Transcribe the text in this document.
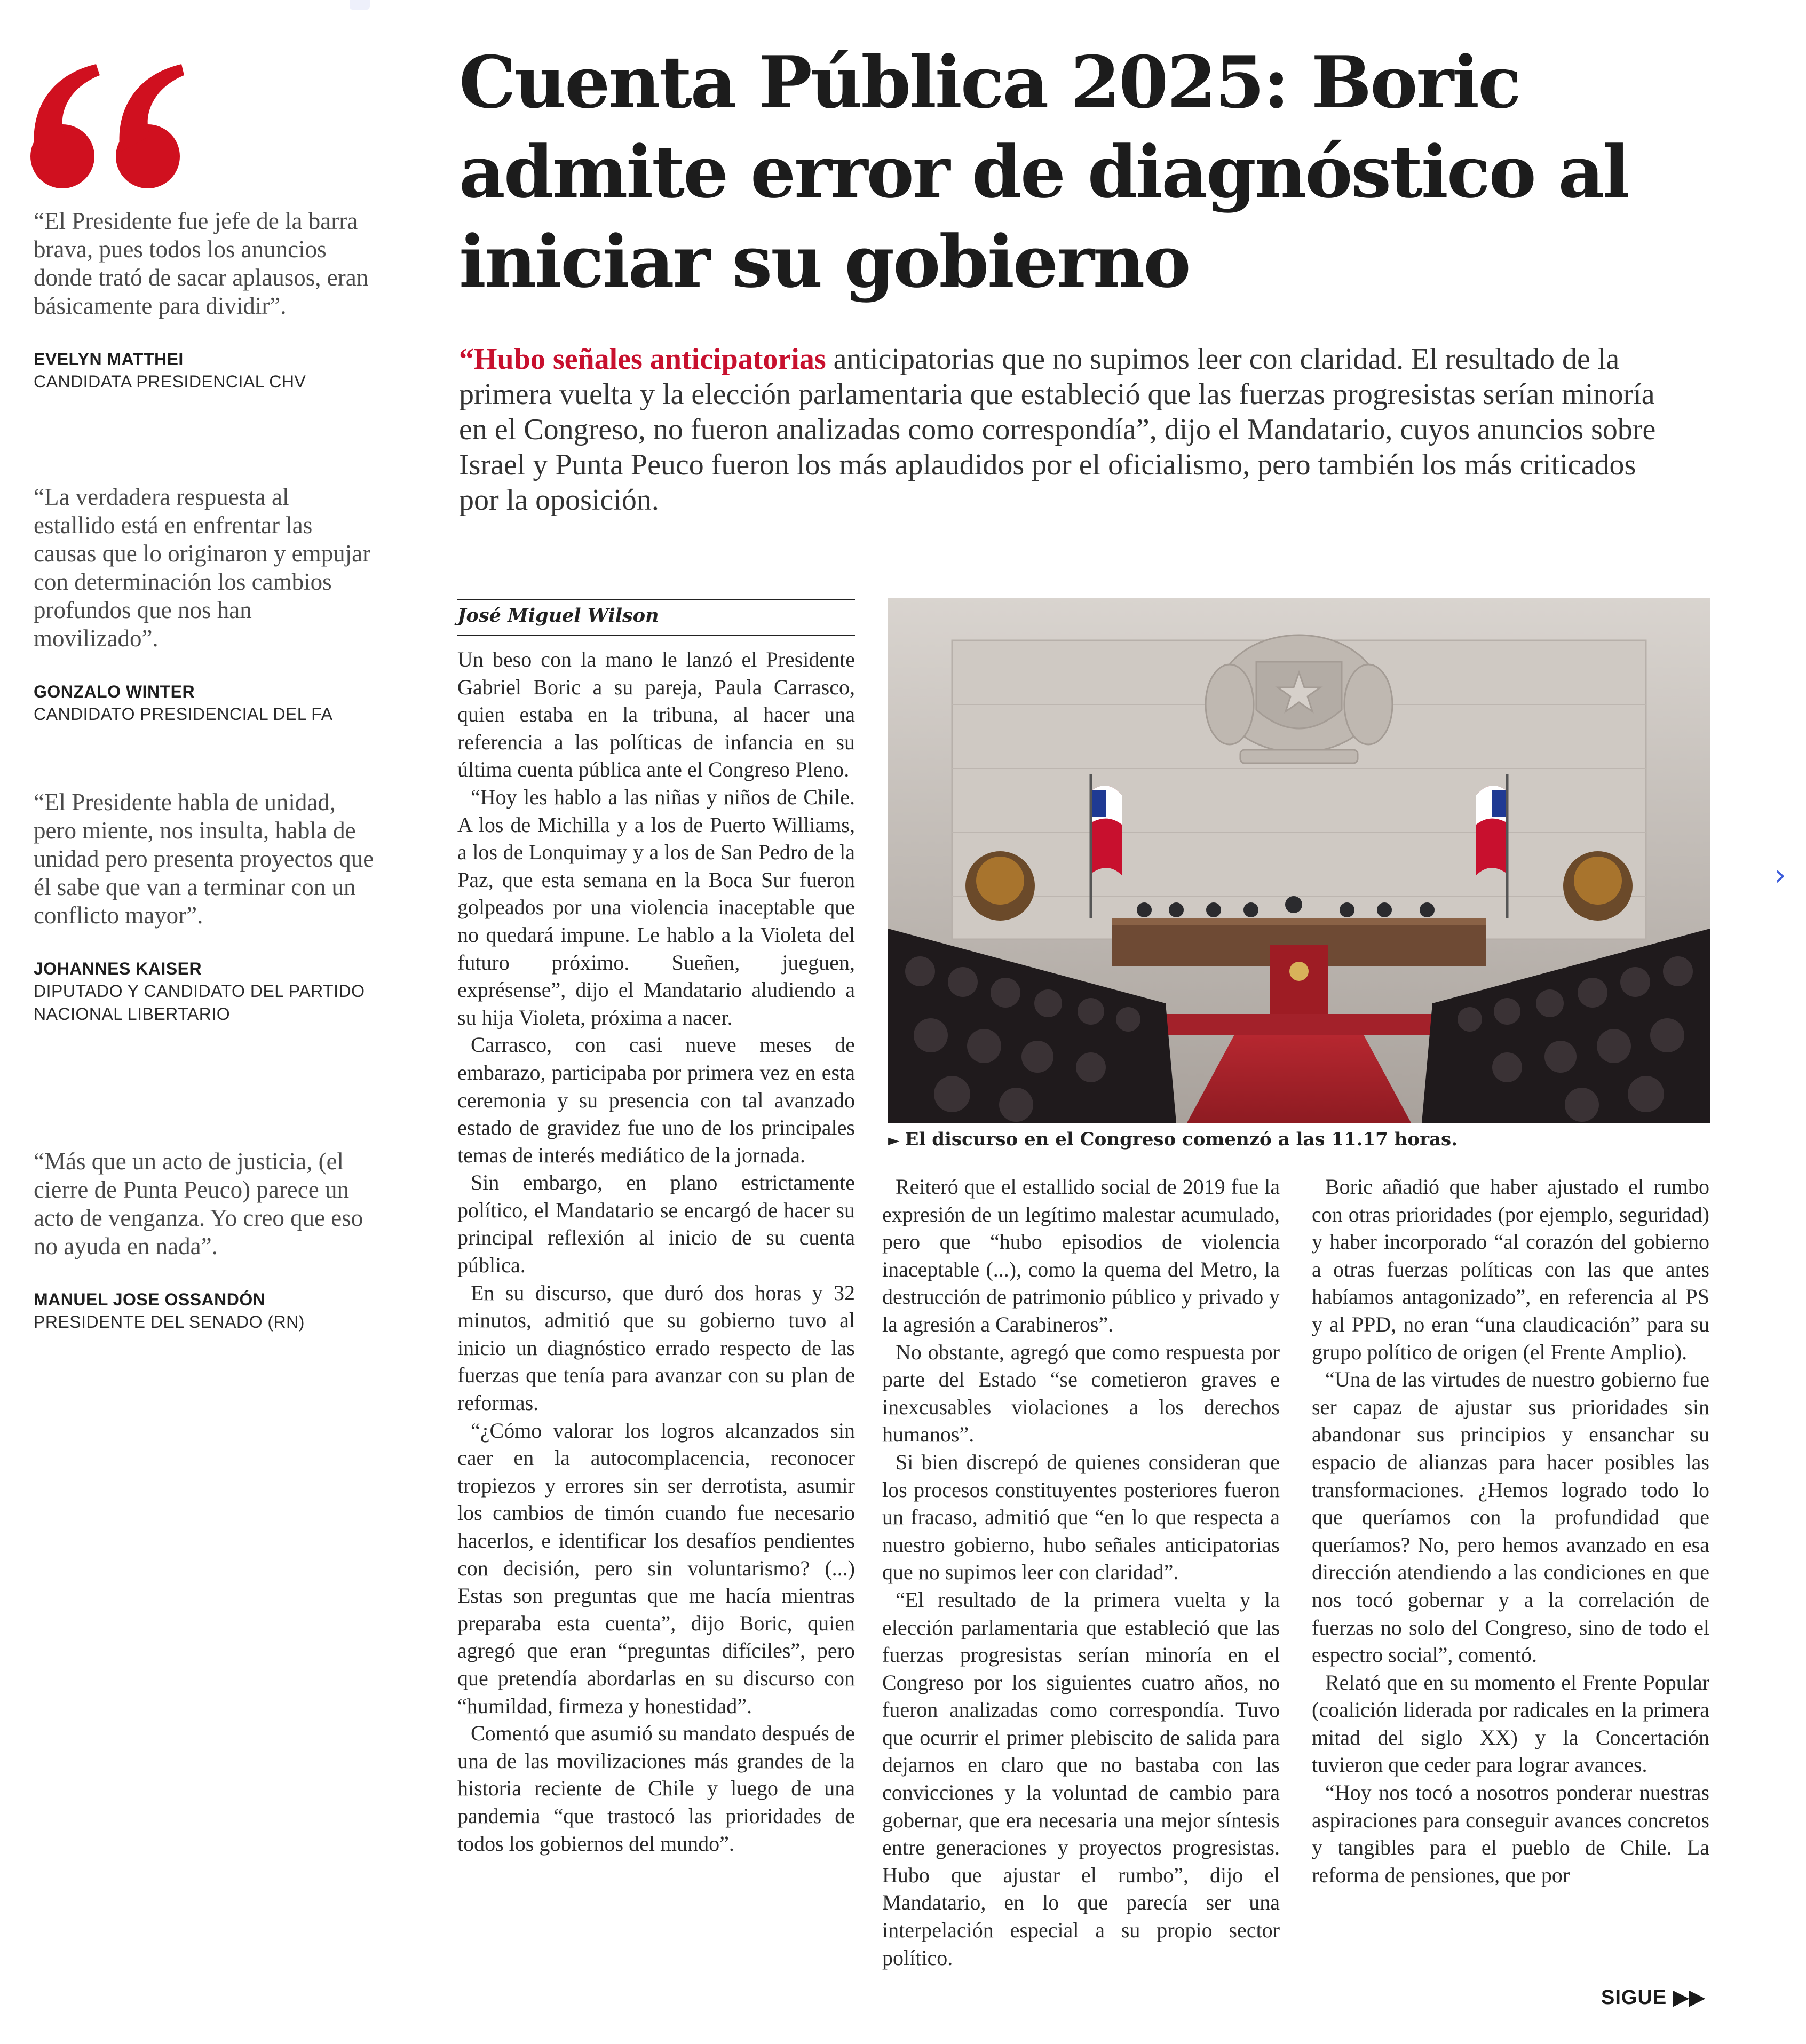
“El Presidente fue jefe de la barra brava, pues todos los anuncios donde trató de sacar aplausos, eran básicamente para dividir”.

EVELYN MATTHEI
CANDIDATA PRESIDENCIAL CHV

“La verdadera respuesta al estallido está en enfrentar las causas que lo originaron y empujar con determinación los cambios profundos que nos han movilizado”.

GONZALO WINTER
CANDIDATO PRESIDENCIAL DEL FA

“El Presidente habla de unidad, pero miente, nos insulta, habla de unidad pero presenta proyectos que él sabe que van a terminar con un conflicto mayor”.

JOHANNES KAISER
DIPUTADO Y CANDIDATO DEL PARTIDO NACIONAL LIBERTARIO

“Más que un acto de justicia, (el cierre de Punta Peuco) parece un acto de venganza. Yo creo que eso no ayuda en nada”.

MANUEL JOSE OSSANDÓN
PRESIDENTE DEL SENADO (RN)
Cuenta Pública 2025: Boric admite error de diagnóstico al iniciar su gobierno

“Hubo señales anticipatorias anticipatorias que no supimos leer con claridad. El resultado de la primera vuelta y la elección parlamentaria que estableció que las fuerzas progresistas serían minoría en el Congreso, no fueron analizadas como correspondía”, dijo el Mandatario, cuyos anuncios sobre Israel y Punta Peuco fueron los más aplaudidos por el oficialismo, pero también los más criticados por la oposición.

José Miguel Wilson

Un beso con la mano le lanzó el Presidente Gabriel Boric a su pareja, Paula Carrasco, quien estaba en la tribuna, al hacer una referencia a las políticas de infancia en su última cuenta pública ante el Congreso Pleno.

“Hoy les hablo a las niñas y niños de Chile. A los de Michilla y a los de Puerto Williams, a los de Lonquimay y a los de San Pedro de la Paz, que esta semana en la Boca Sur fueron golpeados por una violencia inaceptable que no quedará impune. Le hablo a la Violeta del futuro próximo. Sueñen, jueguen, exprésense”, dijo el Mandatario aludiendo a su hija Violeta, próxima a nacer.

Carrasco, con casi nueve meses de embarazo, participaba por primera vez en esta ceremonia y su presencia con tal avanzado estado de gravidez fue uno de los principales temas de interés mediático de la jornada.

Sin embargo, en plano estrictamente político, el Mandatario se encargó de hacer su principal reflexión al inicio de su cuenta pública.

En su discurso, que duró dos horas y 32 minutos, admitió que su gobierno tuvo al inicio un diagnóstico errado respecto de las fuerzas que tenía para avanzar con su plan de reformas.

“¿Cómo valorar los logros alcanzados sin caer en la autocomplacencia, reconocer tropiezos y errores sin ser derrotista, asumir los cambios de timón cuando fue necesario hacerlos, e identificar los desafíos pendientes con decisión, pero sin voluntarismo? (...) Estas son preguntas que me hacía mientras preparaba esta cuenta”, dijo Boric, quien agregó que eran “preguntas difíciles”, pero que pretendía abordarlas en su discurso con “humildad, firmeza y honestidad”.

Comentó que asumió su mandato después de una de las movilizaciones más grandes de la historia reciente de Chile y luego de una pandemia “que trastocó las prioridades de todos los gobiernos del mundo”.

► El discurso en el Congreso comenzó a las 11.17 horas.

Reiteró que el estallido social de 2019 fue la expresión de un legítimo malestar acumulado, pero que “hubo episodios de violencia inaceptable (...), como la quema del Metro, la destrucción de patrimonio público y privado y la agresión a Carabineros”.

No obstante, agregó que como respuesta por parte del Estado “se cometieron graves e inexcusables violaciones a los derechos humanos”.

Si bien discrepó de quienes consideran que los procesos constituyentes posteriores fueron un fracaso, admitió que “en lo que respecta a nuestro gobierno, hubo señales anticipatorias que no supimos leer con claridad”.

“El resultado de la primera vuelta y la elección parlamentaria que estableció que las fuerzas progresistas serían minoría en el Congreso por los siguientes cuatro años, no fueron analizadas como correspondía. Tuvo que ocurrir el primer plebiscito de salida para dejarnos en claro que no bastaba con las convicciones y la voluntad de cambio para gobernar, que era necesaria una mejor síntesis entre generaciones y proyectos progresistas. Hubo que ajustar el rumbo”, dijo el Mandatario, en lo que parecía ser una interpelación especial a su propio sector político.

Boric añadió que haber ajustado el rumbo con otras prioridades (por ejemplo, seguridad) y haber incorporado “al corazón del gobierno a otras fuerzas políticas con las que antes habíamos antagonizado”, en referencia al PS y al PPD, no eran “una claudicación” para su grupo político de origen (el Frente Amplio).

“Una de las virtudes de nuestro gobierno fue ser capaz de ajustar sus prioridades sin abandonar sus principios y ensanchar su espacio de alianzas para hacer posibles las transformaciones. ¿Hemos logrado todo lo que queríamos con la profundidad que queríamos? No, pero hemos avanzado en esa dirección atendiendo a las condiciones en que nos tocó gobernar y a la correlación de fuerzas no solo del Congreso, sino de todo el espectro social”, comentó.

Relató que en su momento el Frente Popular (coalición liderada por radicales en la primera mitad del siglo XX) y la Concertación tuvieron que ceder para lograr avances.

“Hoy nos tocó a nosotros ponderar nuestras aspiraciones para conseguir avances concretos y tangibles para el pueblo de Chile. La reforma de pensiones, que por

SIGUE ▶▶
›
